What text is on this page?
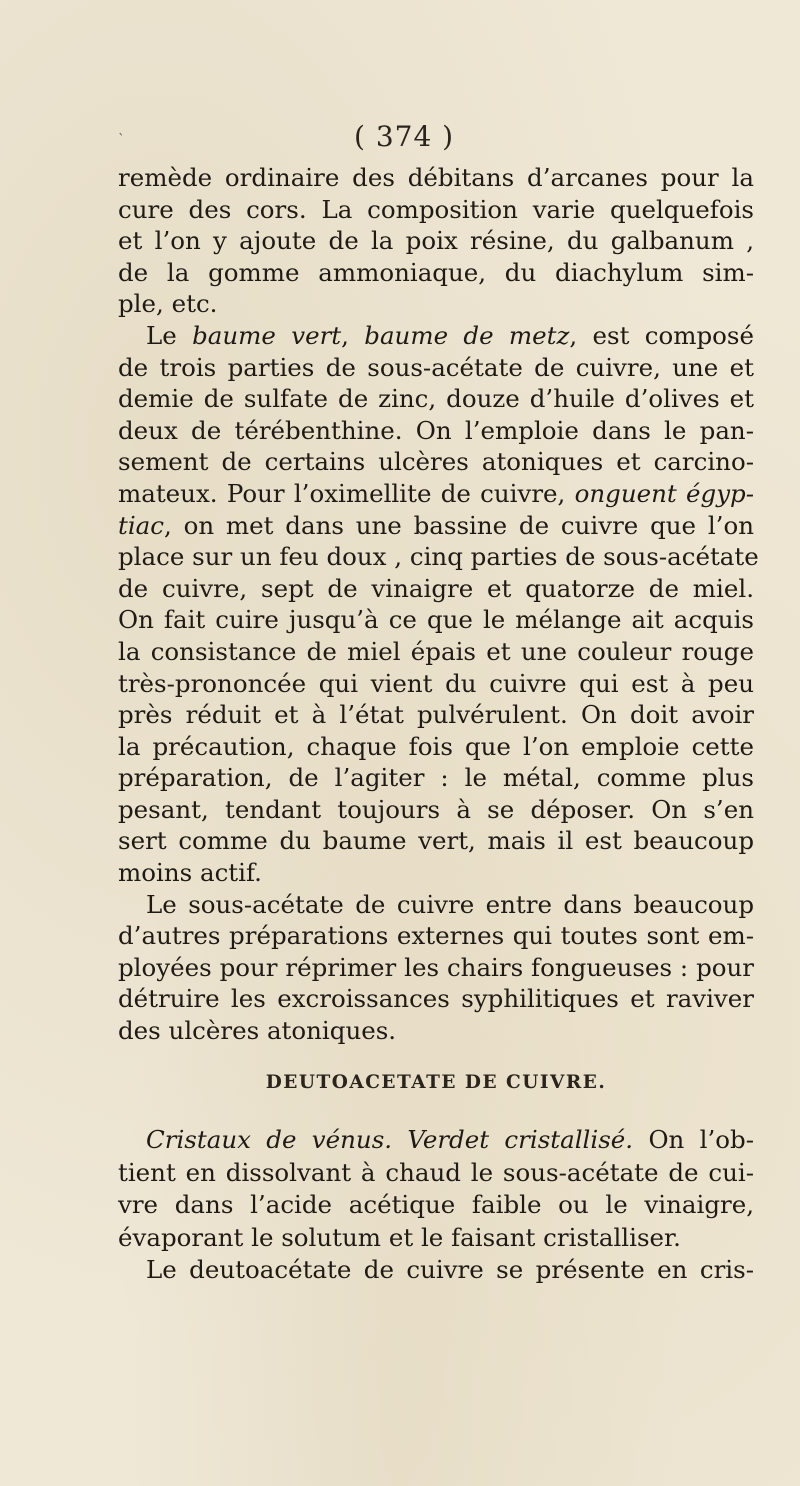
`	( 374 )

remède ordinaire des débitans d’arcanes pour la
cure des cors. La composition varie quelquefois
et l’on y ajoute de la poix résine, du galbanum ,
de la gomme ammoniaque, du diachylum sim-
ple, etc.

Le baume vert, baume de metz, est composé
de trois parties de sous-acétate de cuivre, une et
demie de sulfate de zinc, douze d’huile d’olives et
deux de térébenthine. On l’emploie dans le pan-
sement de certains ulcères atoniques et carcino-
mateux. Pour l’oximellite de cuivre, onguent égyp-
tiac, on met dans une bassine de cuivre que l’on
place sur un feu doux , cinq parties de sous-acétate
de cuivre, sept de vinaigre et quatorze de miel.
On fait cuire jusqu’à ce que le mélange ait acquis
la consistance de miel épais et une couleur rouge
très-prononcée qui vient du cuivre qui est à peu
près réduit et à l’état pulvérulent. On doit avoir
la précaution, chaque fois que l’on emploie cette
préparation, de l’agiter : le métal, comme plus
pesant, tendant toujours à se déposer. On s’en
sert comme du baume vert, mais il est beaucoup
moins actif.

Le sous-acétate de cuivre entre dans beaucoup
d’autres préparations externes qui toutes sont em-
ployées pour réprimer les chairs fongueuses : pour
détruire les excroissances syphilitiques et raviver
des ulcères atoniques.

DEUTOACETATE DE CUIVRE.

Cristaux de vénus. Verdet cristallisé. On l’ob-
tient en dissolvant à chaud le sous-acétate de cui-
vre dans l’acide acétique faible ou le vinaigre,
évaporant le solutum et le faisant cristalliser.

Le deutoacétate de cuivre se présente en cris-
